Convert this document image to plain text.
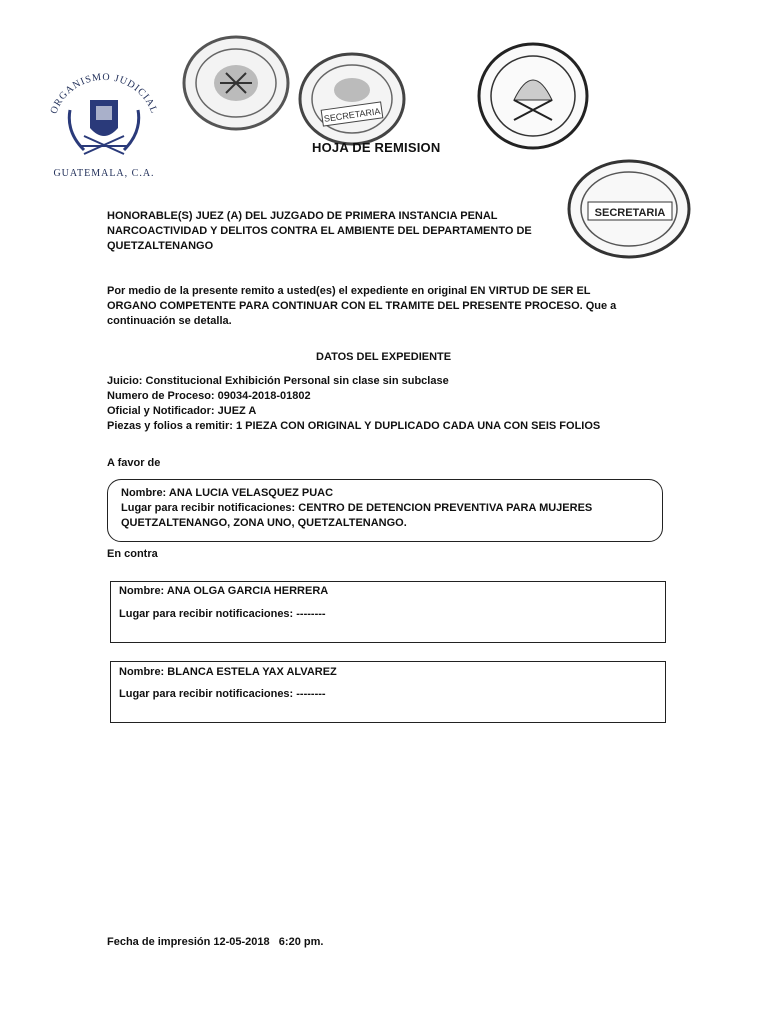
ORGANISMO JUDICIAL
GUATEMALA, C.A.
SECRETARIA
SECRETARIA
HOJA DE REMISION
HONORABLE(S) JUEZ (A) DEL JUZGADO DE PRIMERA INSTANCIA PENAL
NARCOACTIVIDAD Y DELITOS CONTRA EL AMBIENTE DEL DEPARTAMENTO DE
QUETZALTENANGO
Por medio de la presente remito a usted(es) el expediente en original EN VIRTUD DE SER EL
ORGANO COMPETENTE PARA CONTINUAR CON EL TRAMITE DEL PRESENTE PROCESO. Que a
continuación se detalla.
DATOS DEL EXPEDIENTE
Juicio: Constitucional Exhibición Personal sin clase sin subclase
Numero de Proceso: 09034-2018-01802
Oficial y Notificador: JUEZ A
Piezas y folios a remitir: 1 PIEZA CON ORIGINAL Y DUPLICADO CADA UNA CON SEIS FOLIOS
A favor de
Nombre: ANA LUCIA VELASQUEZ PUAC
Lugar para recibir notificaciones: CENTRO DE DETENCION PREVENTIVA PARA MUJERES
QUETZALTENANGO, ZONA UNO, QUETZALTENANGO.
En contra
Nombre: ANA OLGA GARCIA HERRERA
Lugar para recibir notificaciones: --------
Nombre: BLANCA ESTELA YAX ALVAREZ
Lugar para recibir notificaciones: --------
Fecha de impresión 12-05-2018   6:20 pm.
